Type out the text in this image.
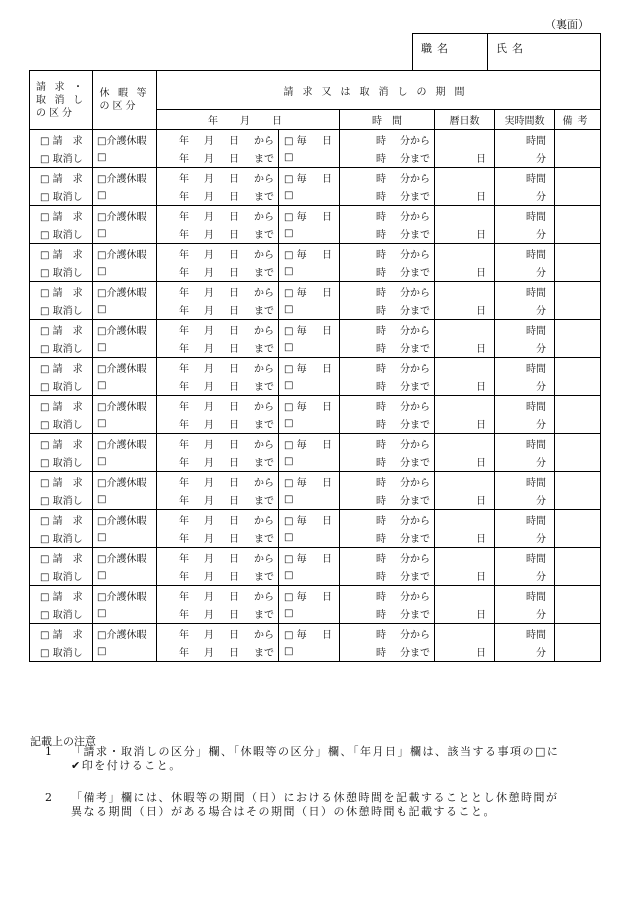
（裏面）
職名	氏名
請求・取消しの区分	休暇等の区分	請求又は取消しの期間					
		年　月　日		時　間	暦日数	実時間数	備考
□ 請　求	□介護休暇	年 月 日 から	□ 毎 日	時 分から		時間	
□ 取消し	□	年 月 日 まで	□	時 分まで	日	分	
□ 請　求	□介護休暇	年 月 日 から	□ 毎 日	時 分から		時間	
□ 取消し	□	年 月 日 まで	□	時 分まで	日	分	
□ 請　求	□介護休暇	年 月 日 から	□ 毎 日	時 分から		時間	
□ 取消し	□	年 月 日 まで	□	時 分まで	日	分	
□ 請　求	□介護休暇	年 月 日 から	□ 毎 日	時 分から		時間	
□ 取消し	□	年 月 日 まで	□	時 分まで	日	分	
□ 請　求	□介護休暇	年 月 日 から	□ 毎 日	時 分から		時間	
□ 取消し	□	年 月 日 まで	□	時 分まで	日	分	
□ 請　求	□介護休暇	年 月 日 から	□ 毎 日	時 分から		時間	
□ 取消し	□	年 月 日 まで	□	時 分まで	日	分	
□ 請　求	□介護休暇	年 月 日 から	□ 毎 日	時 分から		時間	
□ 取消し	□	年 月 日 まで	□	時 分まで	日	分	
□ 請　求	□介護休暇	年 月 日 から	□ 毎 日	時 分から		時間	
□ 取消し	□	年 月 日 まで	□	時 分まで	日	分	
□ 請　求	□介護休暇	年 月 日 から	□ 毎 日	時 分から		時間	
□ 取消し	□	年 月 日 まで	□	時 分まで	日	分	
□ 請　求	□介護休暇	年 月 日 から	□ 毎 日	時 分から		時間	
□ 取消し	□	年 月 日 まで	□	時 分まで	日	分	
□ 請　求	□介護休暇	年 月 日 から	□ 毎 日	時 分から		時間	
□ 取消し	□	年 月 日 まで	□	時 分まで	日	分	
□ 請　求	□介護休暇	年 月 日 から	□ 毎 日	時 分から		時間	
□ 取消し	□	年 月 日 まで	□	時 分まで	日	分	
□ 請　求	□介護休暇	年 月 日 から	□ 毎 日	時 分から		時間	
□ 取消し	□	年 月 日 まで	□	時 分まで	日	分	
□ 請　求	□介護休暇	年 月 日 から	□ 毎 日	時 分から		時間	
□ 取消し	□	年 月 日 まで	□	時 分まで	日	分	
記載上の注意
1 「請求・取消しの区分」欄、「休暇等の区分」欄、「年月日」欄は、該当する事項の□に✔印を付けること。
2 「備考」欄には、休暇等の期間（日）における休憩時間を記載することとし休憩時間が異なる期間（日）がある場合はその期間（日）の休憩時間も記載すること。
